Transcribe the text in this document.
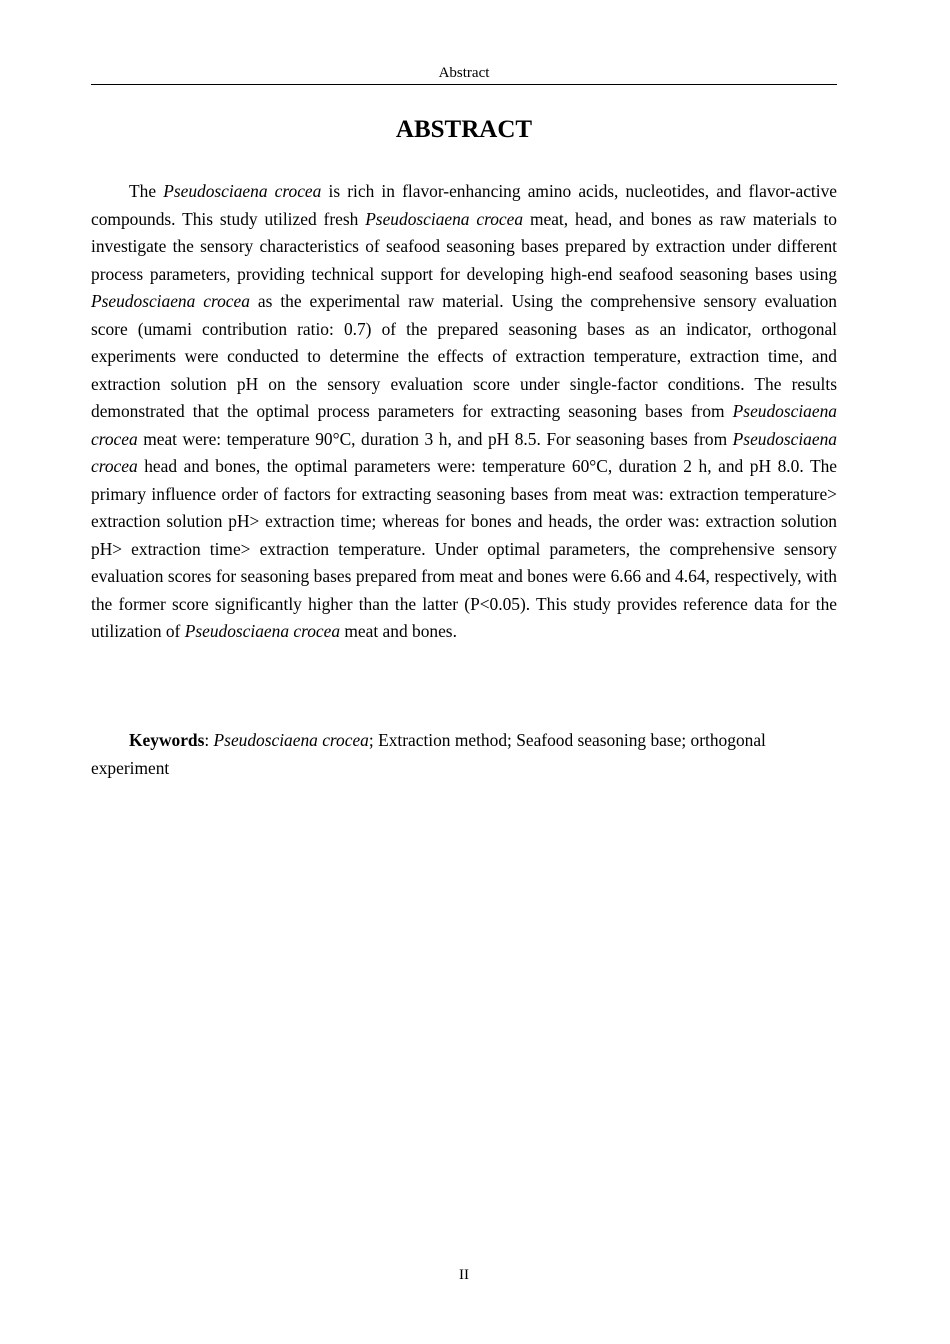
Abstract
ABSTRACT

The Pseudosciaena crocea is rich in flavor-enhancing amino acids, nucleotides, and flavor-active compounds. This study utilized fresh Pseudosciaena crocea meat, head, and bones as raw materials to investigate the sensory characteristics of seafood seasoning bases prepared by extraction under different process parameters, providing technical support for developing high-end seafood seasoning bases using Pseudosciaena crocea as the experimental raw material. Using the comprehensive sensory evaluation score (umami contribution ratio: 0.7) of the prepared seasoning bases as an indicator, orthogonal experiments were conducted to determine the effects of extraction temperature, extraction time, and extraction solution pH on the sensory evaluation score under single-factor conditions. The results demonstrated that the optimal process parameters for extracting seasoning bases from Pseudosciaena crocea meat were: temperature 90°C, duration 3 h, and pH 8.5. For seasoning bases from Pseudosciaena crocea head and bones, the optimal parameters were: temperature 60°C, duration 2 h, and pH 8.0. The primary influence order of factors for extracting seasoning bases from meat was: extraction temperature> extraction solution pH> extraction time; whereas for bones and heads, the order was: extraction solution pH> extraction time> extraction temperature. Under optimal parameters, the comprehensive sensory evaluation scores for seasoning bases prepared from meat and bones were 6.66 and 4.64, respectively, with the former score significantly higher than the latter (P<0.05). This study provides reference data for the utilization of Pseudosciaena crocea meat and bones.

Keywords: Pseudosciaena crocea; Extraction method; Seafood seasoning base; orthogonal experiment

II
